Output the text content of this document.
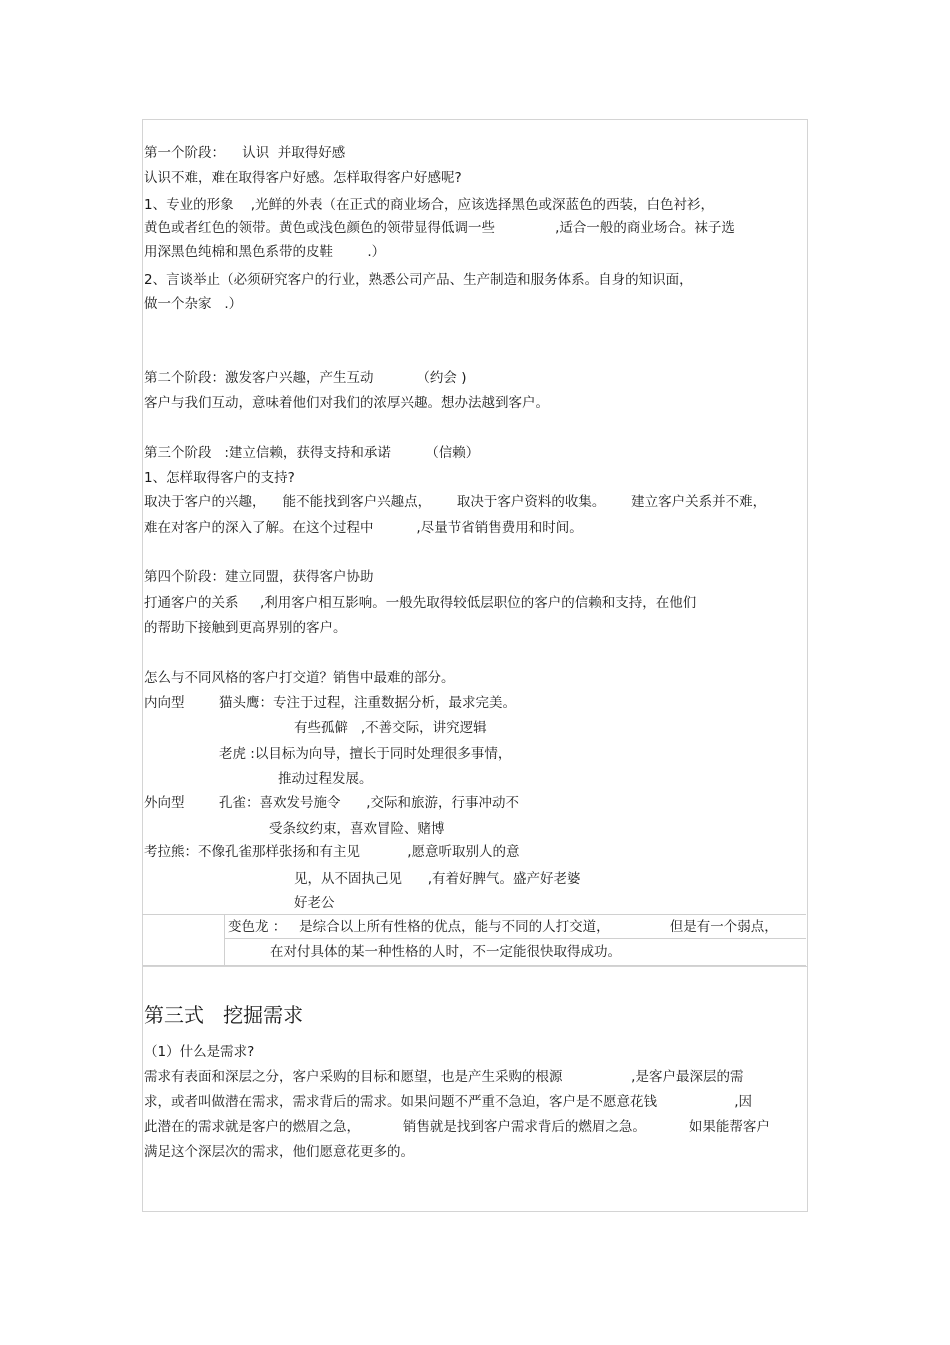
第一个阶段：    认识  并取得好感
认识不难，难在取得客户好感。怎样取得客户好感呢?
1、专业的形象    ,光鲜的外表（在正式的商业场合，应该选择黑色或深蓝色的西装，白色衬衫，
黄色或者红色的领带。黄色或浅色颜色的领带显得低调一些              ,适合一般的商业场合。袜子选
用深黑色纯棉和黑色系带的皮鞋        .）
2、言谈举止（必须研究客户的行业，熟悉公司产品、生产制造和服务体系。自身的知识面，
做一个杂家   .）
第二个阶段：激发客户兴趣，产生互动          （约会 )
客户与我们互动，意味着他们对我们的浓厚兴趣。想办法越到客户。
第三个阶段   :建立信赖，获得支持和承诺        （信赖）
1、怎样取得客户的支持?
取决于客户的兴趣，    能不能找到客户兴趣点，      取决于客户资料的收集。      建立客户关系并不难，
难在对客户的深入了解。在这个过程中          ,尽量节省销售费用和时间。
第四个阶段：建立同盟，获得客户协助
打通客户的关系     ,利用客户相互影响。一般先取得较低层职位的客户的信赖和支持，在他们
的帮助下接触到更高界别的客户。
怎么与不同风格的客户打交道？销售中最难的部分。
内向型	猫头鹰：专注于过程，注重数据分析，最求完美。
有些孤僻   ,不善交际，讲究逻辑
老虎 :以目标为向导，擅长于同时处理很多事情，
推动过程发展。
外向型	孔雀：喜欢发号施令      ,交际和旅游，行事冲动不
受条纹约束，喜欢冒险、赌博
考拉熊：不像孔雀那样张扬和有主见           ,愿意听取别人的意
见，从不固执己见      ,有着好脾气。盛产好老婆
好老公
变色龙 ：   是综合以上所有性格的优点，能与不同的人打交道，              但是有一个弱点，
在对付具体的某一种性格的人时，不一定能很快取得成功。
第三式   挖掘需求
（1）什么是需求?
需求有表面和深层之分，客户采购的目标和愿望，也是产生采购的根源                ,是客户最深层的需
求，或者叫做潜在需求，需求背后的需求。如果问题不严重不急迫，客户是不愿意花钱                  ,因
此潜在的需求就是客户的燃眉之急，          销售就是找到客户需求背后的燃眉之急。          如果能帮客户
满足这个深层次的需求，他们愿意花更多的。
